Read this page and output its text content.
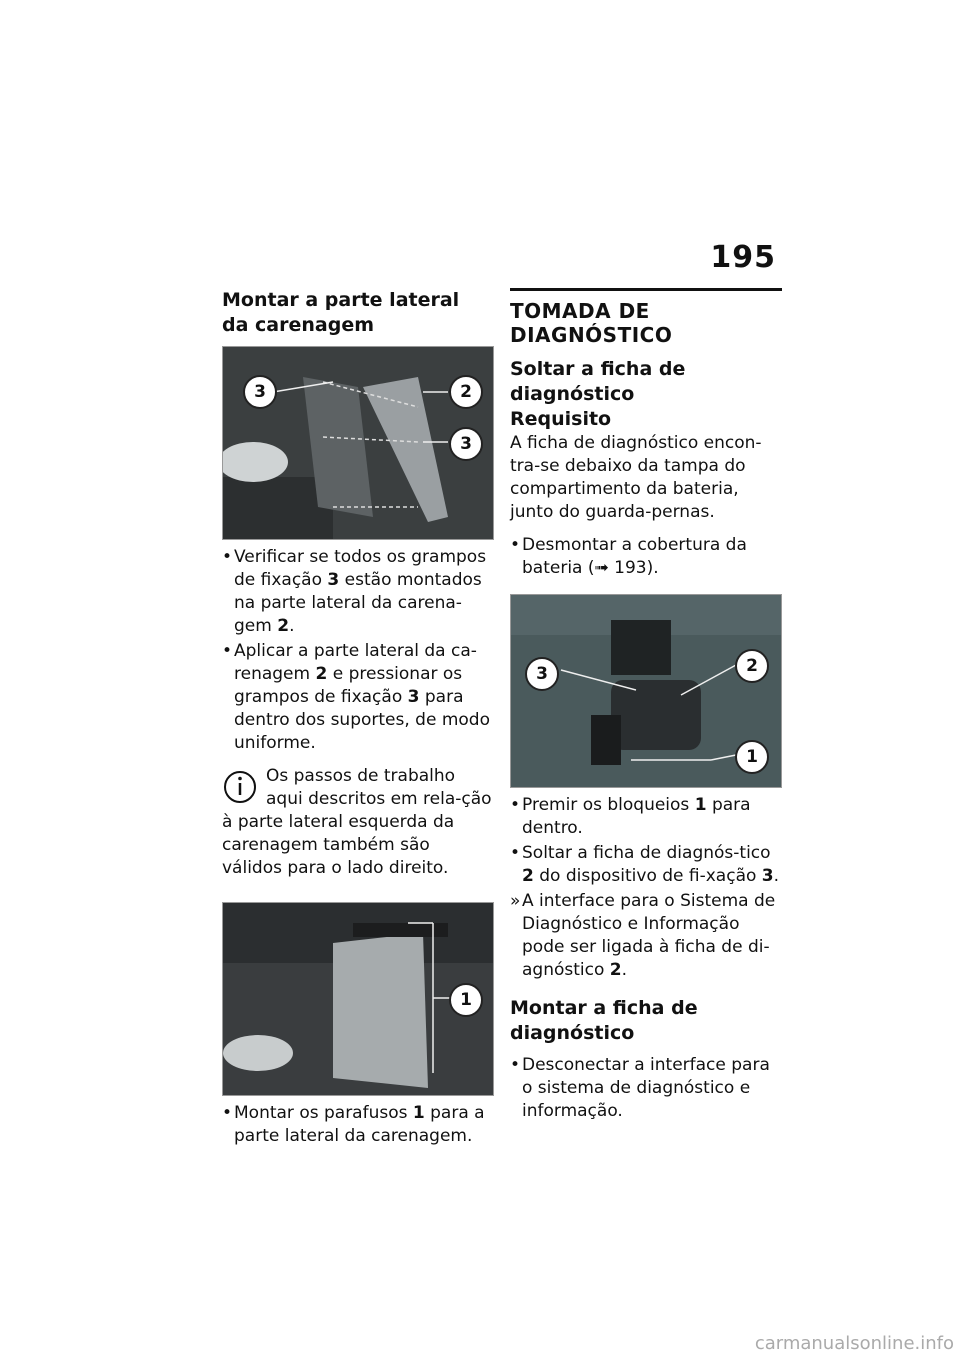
195
Montar a parte lateral da carenagem
3	2
3
• Verificar se todos os grampos de fixação 3 estão montados na parte lateral da carena-gem 2.
• Aplicar a parte lateral da ca-renagem 2 e pressionar os grampos de fixação 3 para dentro dos suportes, de modo uniforme.
Os passos de trabalho aqui descritos em rela-ção à parte lateral esquerda da carenagem também são válidos para o lado direito.
1
• Montar os parafusos 1 para a parte lateral da carenagem.
TOMADA DE DIAGNÓSTICO
Soltar a ficha de diagnóstico
Requisito

A ficha de diagnóstico encon-tra-se debaixo da tampa do compartimento da bateria, junto do guarda-pernas.

• Desmontar a cobertura da bateria (➟ 193).
3	2
1
• Premir os bloqueios 1 para dentro.
• Soltar a ficha de diagnós-tico 2 do dispositivo de fi-xação 3.
» A interface para o Sistema de Diagnóstico e Informação pode ser ligada à ficha de di-agnóstico 2.
Montar a ficha de diagnóstico
• Desconectar a interface para o sistema de diagnóstico e informação.
carmanualsonline.info
